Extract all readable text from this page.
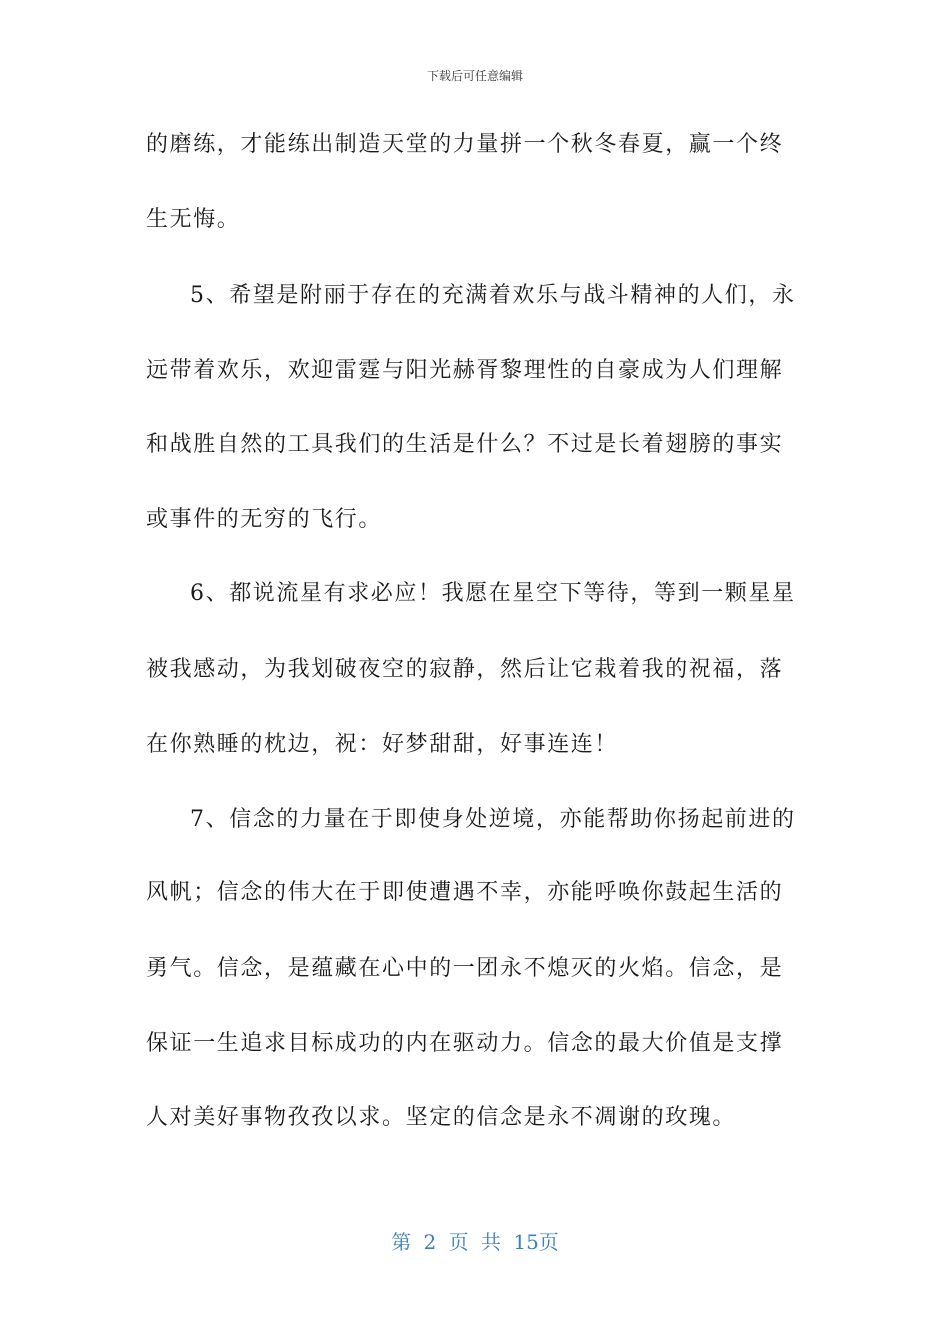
下载后可任意编辑
的磨练，才能练出制造天堂的力量拼一个秋冬春夏，赢一个终
生无悔。
5、希望是附丽于存在的充满着欢乐与战斗精神的人们，永
远带着欢乐，欢迎雷霆与阳光赫胥黎理性的自豪成为人们理解
和战胜自然的工具我们的生活是什么？不过是长着翅膀的事实
或事件的无穷的飞行。
6、都说流星有求必应！我愿在星空下等待，等到一颗星星
被我感动，为我划破夜空的寂静，然后让它栽着我的祝福，落
在你熟睡的枕边，祝：好梦甜甜，好事连连！
7、信念的力量在于即使身处逆境，亦能帮助你扬起前进的
风帆；信念的伟大在于即使遭遇不幸，亦能呼唤你鼓起生活的
勇气。信念，是蕴藏在心中的一团永不熄灭的火焰。信念，是
保证一生追求目标成功的内在驱动力。信念的最大价值是支撑
人对美好事物孜孜以求。坚定的信念是永不凋谢的玫瑰。
第 2 页 共 15页
